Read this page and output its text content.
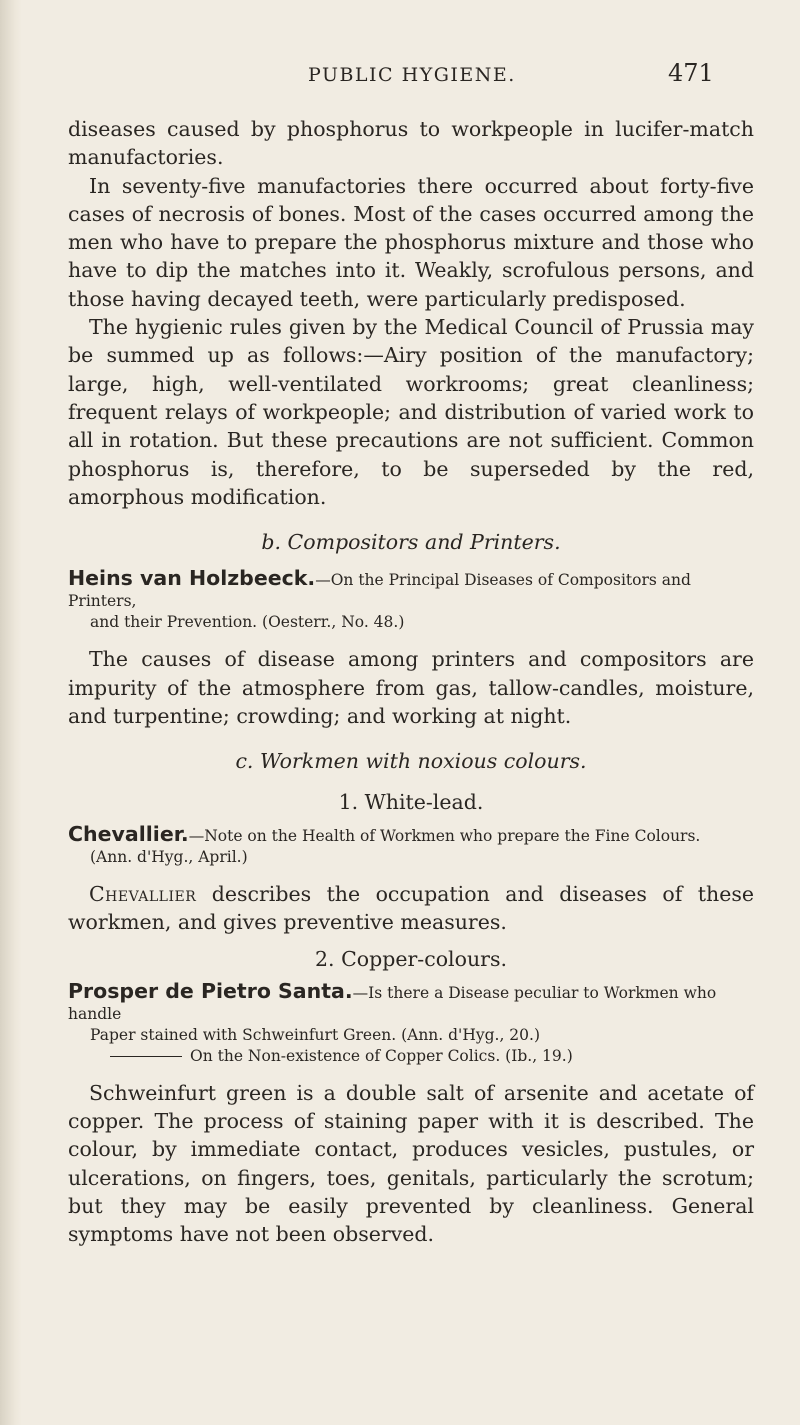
PUBLIC HYGIENE.	471

diseases caused by phosphorus to workpeople in lucifer-match manufactories.

In seventy-five manufactories there occurred about forty-five cases of necrosis of bones. Most of the cases occurred among the men who have to prepare the phosphorus mixture and those who have to dip the matches into it. Weakly, scrofulous persons, and those having decayed teeth, were particularly predisposed.

The hygienic rules given by the Medical Council of Prussia may be summed up as follows:—Airy position of the manufactory; large, high, well-ventilated workrooms; great cleanliness; frequent relays of workpeople; and distribution of varied work to all in rotation. But these precautions are not sufficient. Common phosphorus is, therefore, to be superseded by the red, amorphous modification.

b. Compositors and Printers.
Heins van Holzbeeck.—On the Principal Diseases of Compositors and Printers,
and their Prevention. (Oesterr., No. 48.)

The causes of disease among printers and compositors are impurity of the atmosphere from gas, tallow-candles, moisture, and turpentine; crowding; and working at night.

c. Workmen with noxious colours.
1. White-lead.
Chevallier.—Note on the Health of Workmen who prepare the Fine Colours.
(Ann. d'Hyg., April.)

Chevallier describes the occupation and diseases of these workmen, and gives preventive measures.

2. Copper-colours.
Prosper de Pietro Santa.—Is there a Disease peculiar to Workmen who handle
Paper stained with Schweinfurt Green. (Ann. d'Hyg., 20.)
On the Non-existence of Copper Colics. (Ib., 19.)

Schweinfurt green is a double salt of arsenite and acetate of copper. The process of staining paper with it is described. The colour, by immediate contact, produces vesicles, pustules, or ulcerations, on fingers, toes, genitals, particularly the scrotum; but they may be easily prevented by cleanliness. General symptoms have not been observed.
